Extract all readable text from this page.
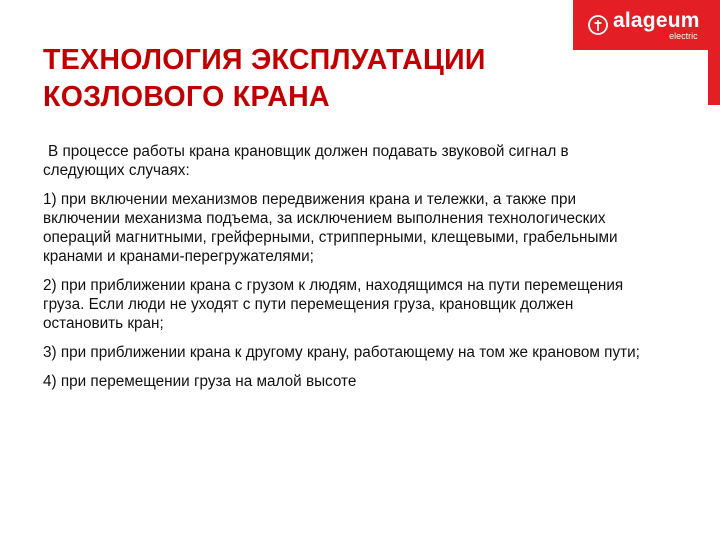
alageum
electric
ТЕХНОЛОГИЯ ЭКСПЛУАТАЦИИ
КОЗЛОВОГО КРАНА

В процессе работы крана крановщик должен подавать звуковой сигнал в следующих случаях:

1) при включении механизмов передвижения крана и тележки, а также при включении механизма подъема, за исключением выполнения технологических операций магнитными, грейферными, стрипперными, клещевыми, грабельными кранами и кранами-перегружателями;

2) при приближении крана с грузом к людям, находящимся на пути перемещения груза. Если люди не уходят с пути перемещения груза, крановщик должен остановить кран;

3) при приближении крана к другому крану, работающему на том же крановом пути;

4) при перемещении груза на малой высоте
